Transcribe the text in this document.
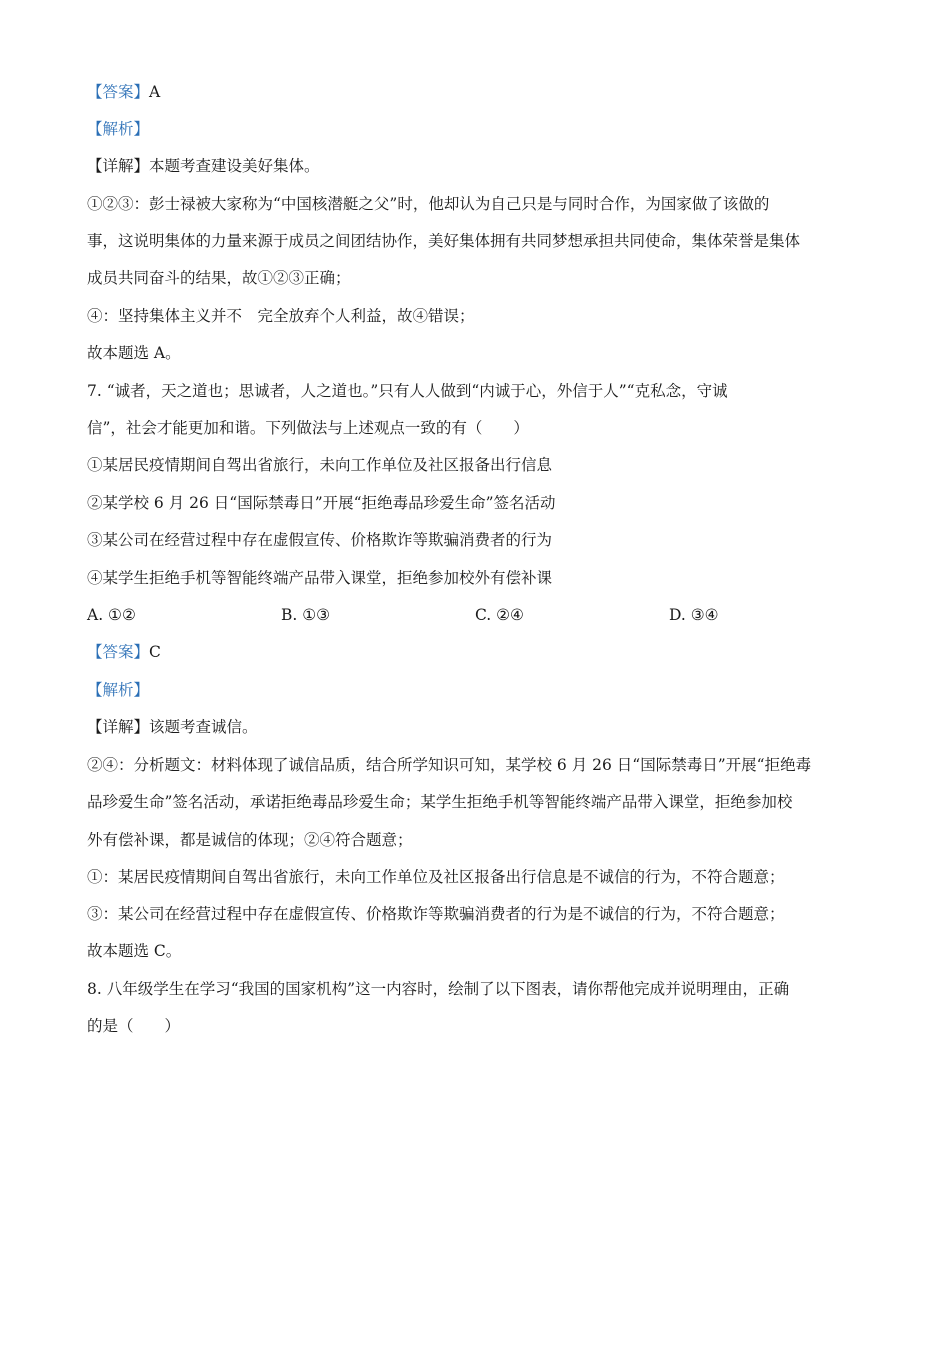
【答案】A
【解析】
【详解】本题考查建设美好集体。
①②③：彭士禄被大家称为“中国核潜艇之父”时，他却认为自己只是与同时合作，为国家做了该做的
事，这说明集体的力量来源于成员之间团结协作，美好集体拥有共同梦想承担共同使命，集体荣誉是集体
成员共同奋斗的结果，故①②③正确；
④：坚持集体主义并不　完全放弃个人利益，故④错误；
故本题选 A。
7. “诚者，天之道也；思诚者，人之道也。”只有人人做到“内诚于心，外信于人”“克私念，守诚
信”，社会才能更加和谐。下列做法与上述观点一致的有（　　）
①某居民疫情期间自驾出省旅行，未向工作单位及社区报备出行信息
②某学校 6 月 26 日“国际禁毒日”开展“拒绝毒品珍爱生命”签名活动
③某公司在经营过程中存在虚假宣传、价格欺诈等欺骗消费者的行为
④某学生拒绝手机等智能终端产品带入课堂，拒绝参加校外有偿补课
A. ①②	B. ①③	C. ②④	D. ③④
【答案】C
【解析】
【详解】该题考查诚信。
②④：分析题文：材料体现了诚信品质，结合所学知识可知，某学校 6 月 26 日“国际禁毒日”开展“拒绝毒
品珍爱生命”签名活动，承诺拒绝毒品珍爱生命；某学生拒绝手机等智能终端产品带入课堂，拒绝参加校
外有偿补课，都是诚信的体现；②④符合题意；
①：某居民疫情期间自驾出省旅行，未向工作单位及社区报备出行信息是不诚信的行为，不符合题意；
③：某公司在经营过程中存在虚假宣传、价格欺诈等欺骗消费者的行为是不诚信的行为，不符合题意；
故本题选 C。
8. 八年级学生在学习“我国的国家机构”这一内容时，绘制了以下图表，请你帮他完成并说明理由，正确
的是（　　）
